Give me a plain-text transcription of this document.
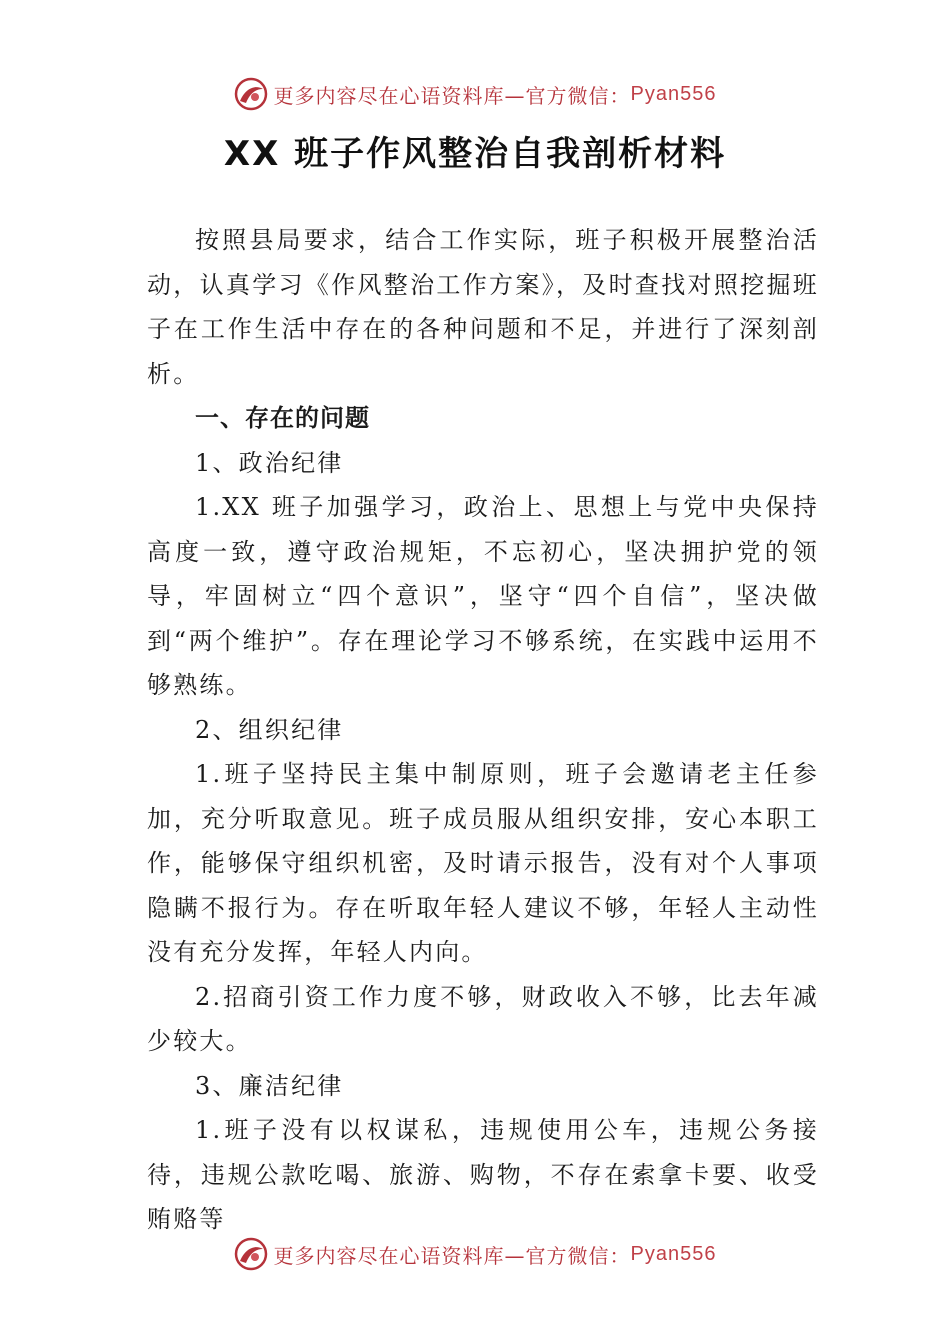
更多内容尽在心语资料库—官方微信： Pyan556
XX 班子作风整治自我剖析材料

按照县局要求，结合工作实际，班子积极开展整治活动，认真学习《作风整治工作方案》，及时查找对照挖掘班子在工作生活中存在的各种问题和不足，并进行了深刻剖析。

一、存在的问题

1、政治纪律

1.XX 班子加强学习，政治上、思想上与党中央保持高度一致，遵守政治规矩，不忘初心，坚决拥护党的领导，牢固树立“四个意识”，坚守“四个自信”，坚决做到“两个维护”。存在理论学习不够系统，在实践中运用不够熟练。

2、组织纪律

1.班子坚持民主集中制原则，班子会邀请老主任参加，充分听取意见。班子成员服从组织安排，安心本职工作，能够保守组织机密，及时请示报告，没有对个人事项隐瞒不报行为。存在听取年轻人建议不够，年轻人主动性没有充分发挥，年轻人内向。

2.招商引资工作力度不够，财政收入不够，比去年减少较大。

3、廉洁纪律

1.班子没有以权谋私，违规使用公车，违规公务接待，违规公款吃喝、旅游、购物，不存在索拿卡要、收受贿赂等

更多内容尽在心语资料库—官方微信： Pyan556
